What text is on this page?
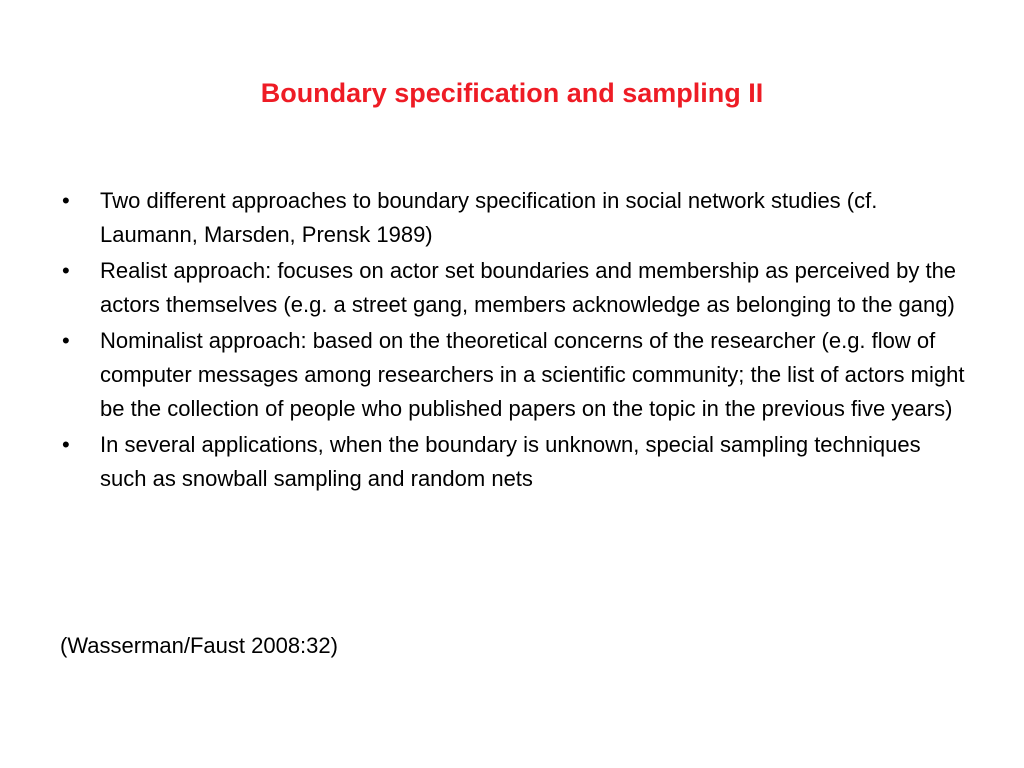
Boundary specification and sampling II
• Two different approaches to boundary specification in social network studies (cf. Laumann, Marsden, Prensk 1989)
• Realist approach: focuses on actor set boundaries and membership as perceived by the actors themselves (e.g. a street gang, members acknowledge as belonging to the gang)
• Nominalist approach: based on the theoretical concerns of the researcher (e.g. flow of computer messages among researchers in a scientific community; the list of actors might be the collection of people who published papers on the topic in the previous five years)
• In several applications, when the boundary is unknown, special sampling techniques such as snowball sampling and random nets
(Wasserman/Faust 2008:32)
